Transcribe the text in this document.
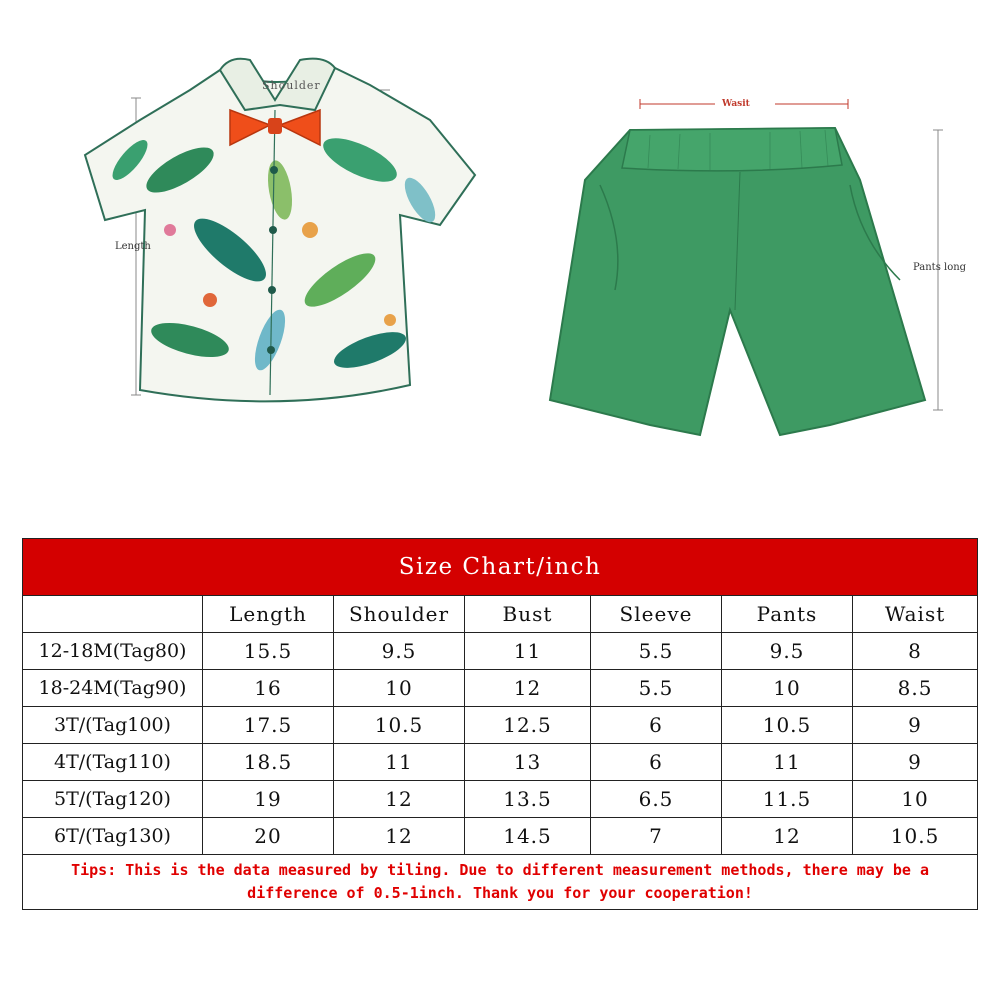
Length
Shoulder
Wasit
Pants long
Size Chart/inch						
	Length	Shoulder	Bust	Sleeve	Pants	Waist
12-18M(Tag80)	15.5	9.5	11	5.5	9.5	8
18-24M(Tag90)	16	10	12	5.5	10	8.5
3T/(Tag100)	17.5	10.5	12.5	6	10.5	9
4T/(Tag110)	18.5	11	13	6	11	9
5T/(Tag120)	19	12	13.5	6.5	11.5	10
6T/(Tag130)	20	12	14.5	7	12	10.5
Tips: This is the data measured by tiling. Due to different measurement methods, there may be a difference of 0.5-1inch. Thank you for your cooperation!						
